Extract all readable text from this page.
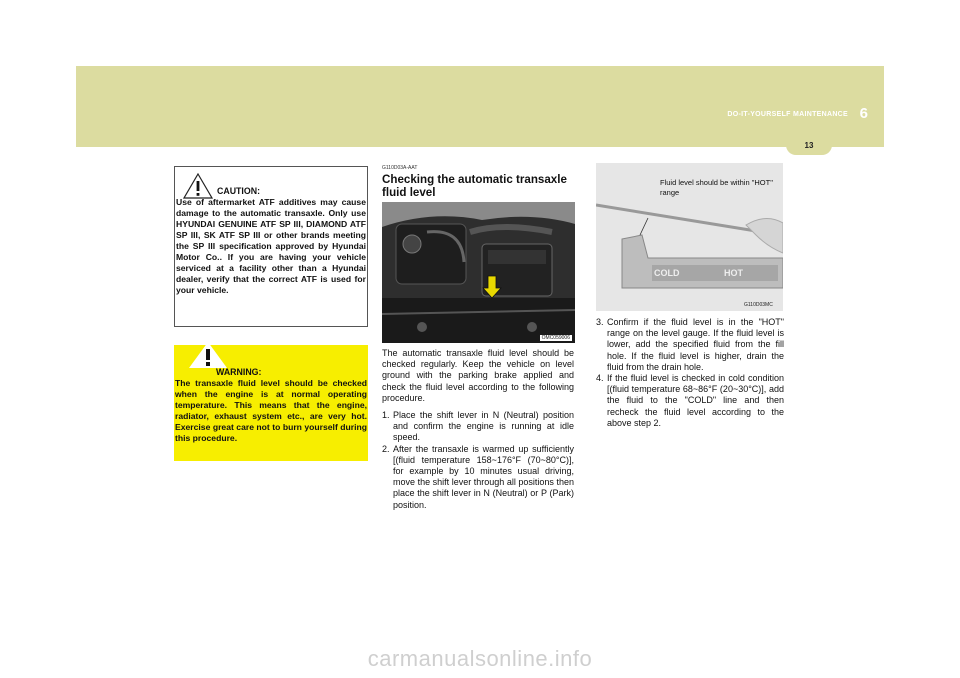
DO-IT-YOURSELF MAINTENANCE 6
13
CAUTION:
Use of aftermarket ATF additives may cause damage to the automatic transaxle. Only use HYUNDAI GENUINE ATF SP III, DIAMOND ATF SP III, SK ATF SP III or other brands meeting the SP III specification approved by Hyundai Motor Co.. If you are having your vehicle serviced at a facility other than a Hyundai dealer, verify that the correct ATF is used for your vehicle.
WARNING:
The transaxle fluid level should be checked when the engine is at normal operating temperature. This means that the engine, radiator, exhaust system etc., are very hot. Exercise great care not to burn yourself during this procedure.
G110D03A-AAT
Checking the automatic transaxle fluid level
OMC059006
The automatic transaxle fluid level should be checked regularly. Keep the vehicle on level ground with the parking brake applied and check the fluid level according to the following procedure.
1. Place the shift lever in N (Neutral) position and confirm the engine is running at idle speed.
2. After the transaxle is warmed up sufficiently [(fluid temperature 158~176°F (70~80°C)], for example by 10 minutes usual driving, move the shift lever through all positions then place the shift lever in N (Neutral) or P (Park) position.
COLD	HOT
G110D03MC
Fluid level should be within "HOT" range
3. Confirm if the fluid level is in the "HOT" range on the level gauge. If the fluid level is lower, add the specified fluid from the fill hole. If the fluid level is higher, drain the fluid from the drain hole.
4. If the fluid level is checked in cold condition [(fluid temperature 68~86°F (20~30°C)], add the fluid to the "COLD" line and then recheck the fluid level according to the above step 2.
carmanualsonline.info
